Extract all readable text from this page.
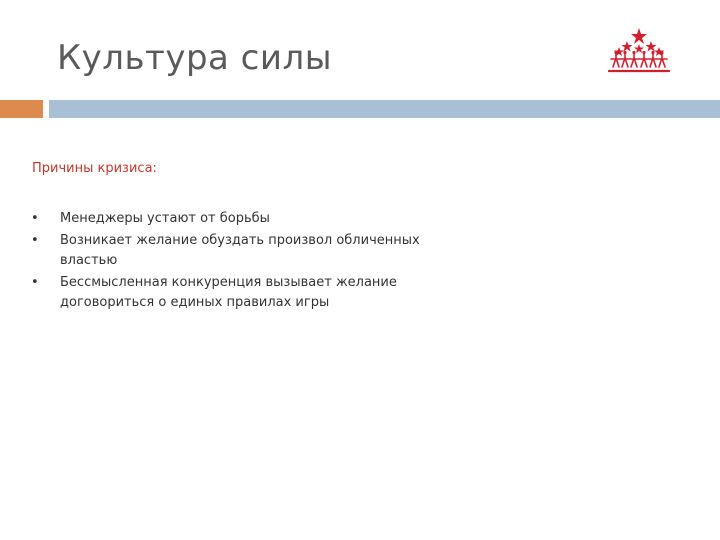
Культура силы
Причины кризиса:
• Менеджеры устают от борьбы
• Возникает желание обуздать произвол обличенных властью
• Бессмысленная конкуренция вызывает желание договориться о единых правилах игры
